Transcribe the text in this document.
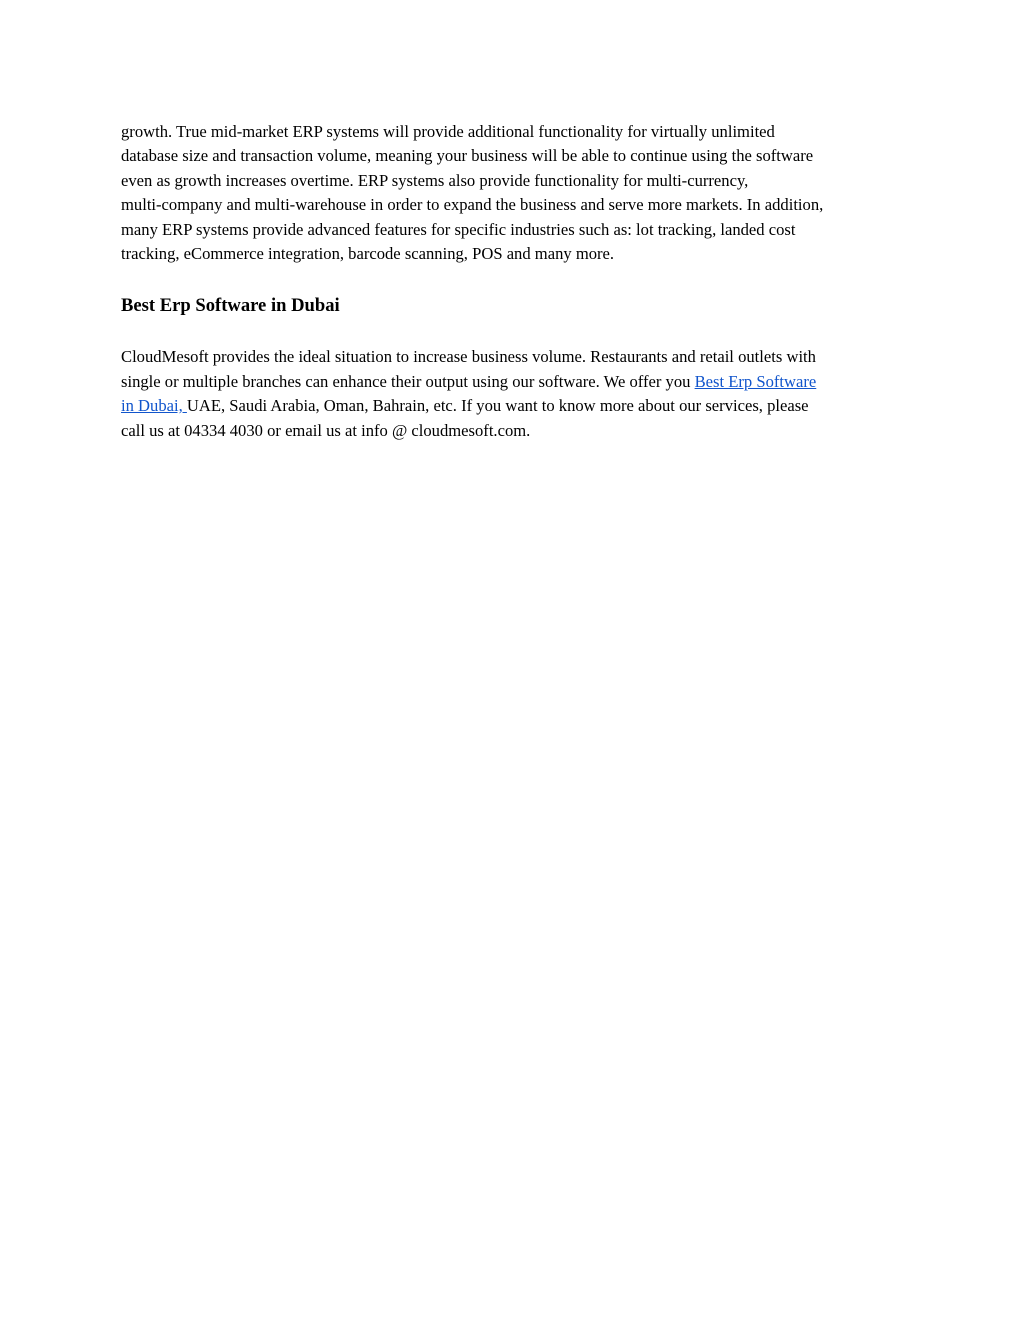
growth. True mid-market ERP systems will provide additional functionality for virtually unlimited
database size and transaction volume, meaning your business will be able to continue using the software
even as growth increases overtime. ERP systems also provide functionality for multi-currency,
multi-company and multi-warehouse in order to expand the business and serve more markets. In addition,
many ERP systems provide advanced features for specific industries such as: lot tracking, landed cost
tracking, eCommerce integration, barcode scanning, POS and many more.

Best Erp Software in Dubai

CloudMesoft provides the ideal situation to increase business volume. Restaurants and retail outlets with
single or multiple branches can enhance their output using our software. We offer you Best Erp Software
in Dubai, UAE, Saudi Arabia, Oman, Bahrain, etc. If you want to know more about our services, please
call us at 04334 4030 or email us at info @ cloudmesoft.com.
